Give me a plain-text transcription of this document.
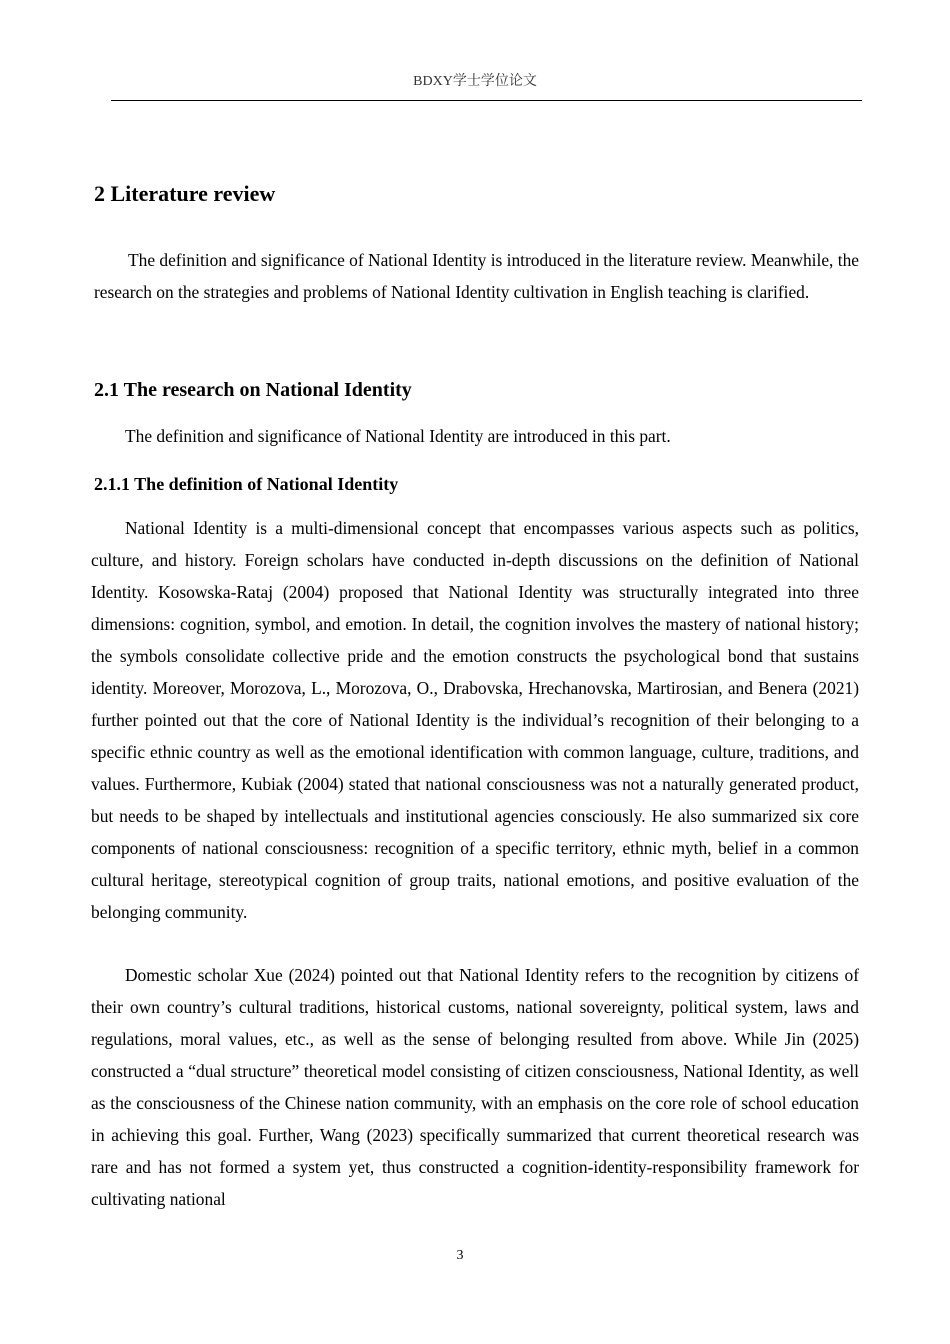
BDXY学士学位论文
2 Literature review

The definition and significance of National Identity is introduced in the literature review. Meanwhile, the research on the strategies and problems of National Identity cultivation in English teaching is clarified.

2.1 The research on National Identity

The definition and significance of National Identity are introduced in this part.

2.1.1 The definition of National Identity

National Identity is a multi-dimensional concept that encompasses various aspects such as politics, culture, and history. Foreign scholars have conducted in-depth discussions on the definition of National Identity. Kosowska-Rataj (2004) proposed that National Identity was structurally integrated into three dimensions: cognition, symbol, and emotion. In detail, the cognition involves the mastery of national history; the symbols consolidate collective pride and the emotion constructs the psychological bond that sustains identity. Moreover, Morozova, L., Morozova, O., Drabovska, Hrechanovska, Martirosian, and Benera (2021) further pointed out that the core of National Identity is the individual’s recognition of their belonging to a specific ethnic country as well as the emotional identification with common language, culture, traditions, and values. Furthermore, Kubiak (2004) stated that national consciousness was not a naturally generated product, but needs to be shaped by intellectuals and institutional agencies consciously. He also summarized six core components of national consciousness: recognition of a specific territory, ethnic myth, belief in a common cultural heritage, stereotypical cognition of group traits, national emotions, and positive evaluation of the belonging community.

Domestic scholar Xue (2024) pointed out that National Identity refers to the recognition by citizens of their own country’s cultural traditions, historical customs, national sovereignty, political system, laws and regulations, moral values, etc., as well as the sense of belonging resulted from above. While Jin (2025) constructed a “dual structure” theoretical model consisting of citizen consciousness, National Identity, as well as the consciousness of the Chinese nation community, with an emphasis on the core role of school education in achieving this goal. Further, Wang (2023) specifically summarized that current theoretical research was rare and has not formed a system yet, thus constructed a cognition-identity-responsibility framework for cultivating national

3
